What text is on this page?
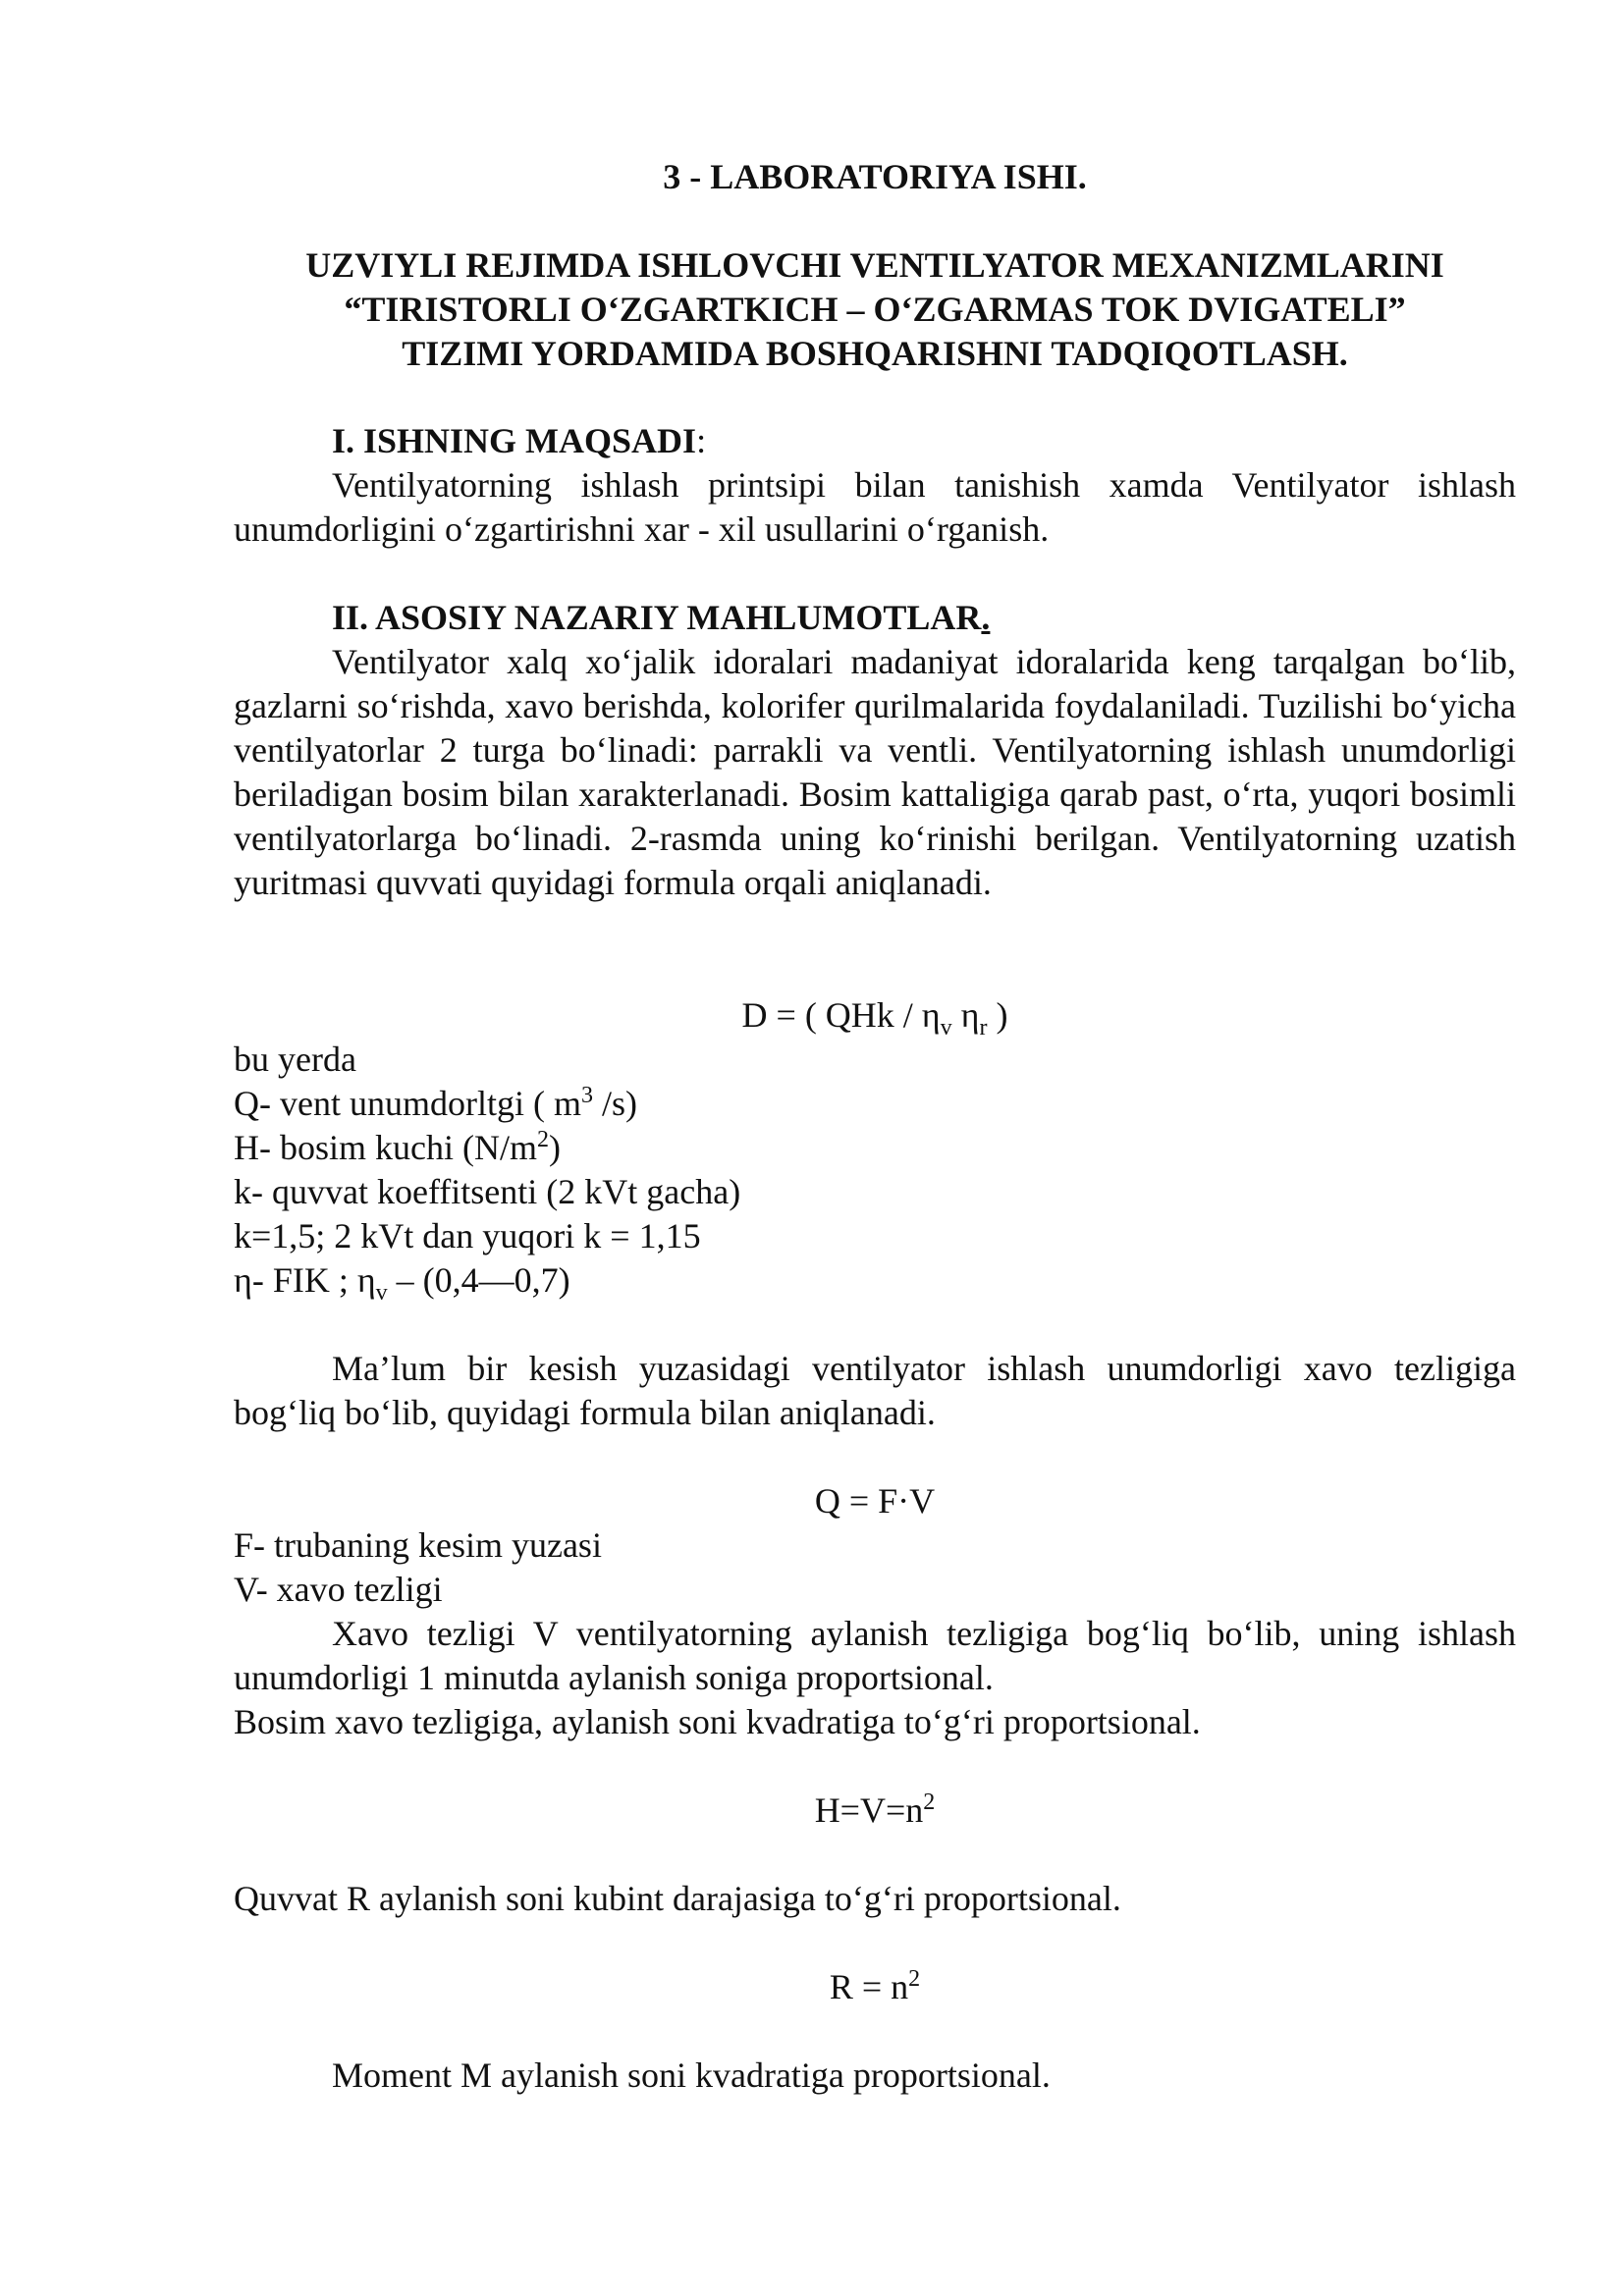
3 - LABORATORIYA ISHI.

UZVIYLI REJIMDA ISHLOVCHI VENTILYATOR MEXANIZMLARINI
“TIRISTORLI O‘ZGARTKICH – O‘ZGARMAS TOK DVIGATELI”
TIZIMI YORDAMIDA BOSHQARISHNI TADQIQOTLASH.

I. ISHNING MAQSADI:

Ventilyatorning ishlash printsipi bilan tanishish xamda Ventilyator ishlash unumdorligini o‘zgartirishni xar - xil usullarini o‘rganish.

II. ASOSIY NAZARIY MAHLUMOTLAR.

Ventilyator xalq xo‘jalik idoralari madaniyat idoralarida keng tarqalgan bo‘lib, gazlarni so‘rishda, xavo berishda, kolorifer qurilmalarida foydalaniladi. Tuzilishi bo‘yicha ventilyatorlar 2 turga bo‘linadi: parrakli va ventli. Ventilyatorning ishlash unumdorligi beriladigan bosim bilan xarakterlanadi. Bosim kattaligiga qarab past, o‘rta, yuqori bosimli ventilyatorlarga bo‘linadi. 2-rasmda uning ko‘rinishi berilgan. Ventilyatorning uzatish yuritmasi quvvati quyidagi formula orqali aniqlanadi.

D = ( QHk / $\eta_v$ $\eta_r$ )

bu yerda
Q- vent unumdorltgi ( $m^3$ /s)
H- bosim kuchi $(N/m^2)$
k- quvvat koeffitsenti (2 kVt gacha)
k=1,5; 2 kVt dan yuqori k = 1,15
η- FIK ; $\eta_v$ – (0,4—0,7)

Ma’lum bir kesish yuzasidagi ventilyator ishlash unumdorligi xavo tezligiga bog‘liq bo‘lib, quyidagi formula bilan aniqlanadi.

Q = F·V

F- trubaning kesim yuzasi
V- xavo tezligi

Xavo tezligi V ventilyatorning aylanish tezligiga bog‘liq bo‘lib, uning ishlash unumdorligi 1 minutda aylanish soniga proportsional.

Bosim xavo tezligiga, aylanish soni kvadratiga to‘g‘ri proportsional.

$H=V=n^2$

Quvvat R aylanish soni kubint darajasiga to‘g‘ri proportsional.

$R = n^2$

Moment M aylanish soni kvadratiga proportsional.
